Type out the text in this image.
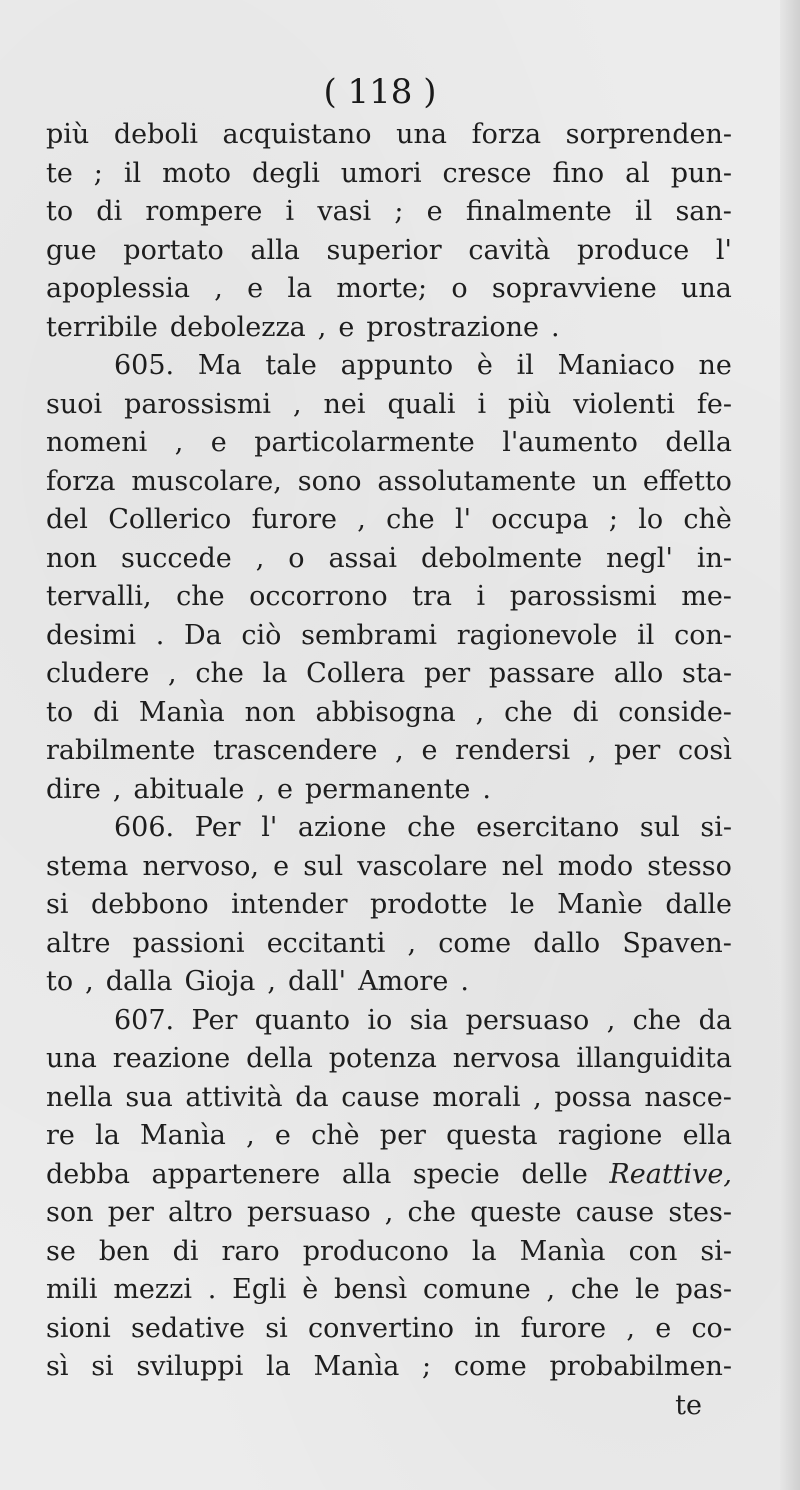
( 118 )
più deboli acquistano una forza sorprenden-
te ; il moto degli umori cresce fino al pun-
to di rompere i vasi ; e finalmente il san-
gue portato alla superior cavità produce l'
apoplessia , e la morte; o sopravviene una
terribile debolezza , e prostrazione .
605. Ma tale appunto è il Maniaco ne
suoi parossismi , nei quali i più violenti fe-
nomeni , e particolarmente l'aumento della
forza muscolare, sono assolutamente un effetto
del Collerico furore , che l' occupa ; lo chè
non succede , o assai debolmente negl' in-
tervalli, che occorrono tra i parossismi me-
desimi . Da ciò sembrami ragionevole il con-
cludere , che la Collera per passare allo sta-
to di Manìa non abbisogna , che di conside-
rabilmente trascendere , e rendersi , per così
dire , abituale , e permanente .
606. Per l' azione che esercitano sul si-
stema nervoso, e sul vascolare nel modo stesso
si debbono intender prodotte le Manìe dalle
altre passioni eccitanti , come dallo Spaven-
to , dalla Gioja , dall' Amore .
607. Per quanto io sia persuaso , che da
una reazione della potenza nervosa illanguidita
nella sua attività da cause morali , possa nasce-
re la Manìa , e chè per questa ragione ella
debba appartenere alla specie delle Reattive,
son per altro persuaso , che queste cause stes-
se ben di raro producono la Manìa con si-
mili mezzi . Egli è bensì comune , che le pas-
sioni sedative si convertino in furore , e co-
sì si sviluppi la Manìa ; come probabilmen-
te
